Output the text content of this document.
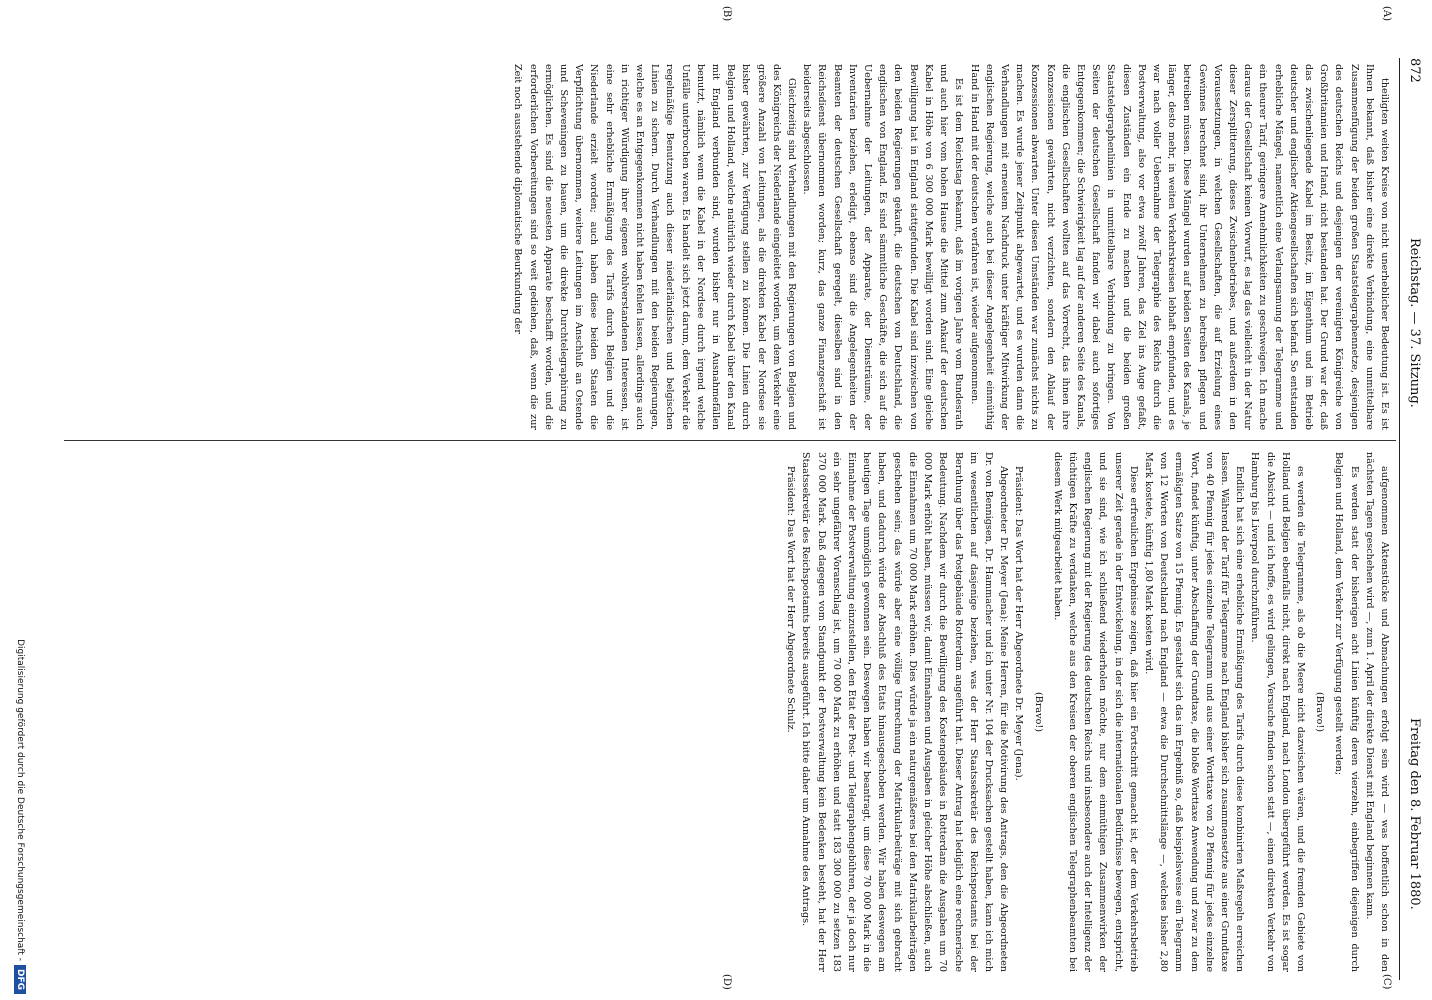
872
Reichstag. — 37. Sitzung.
Freitag den 8. Februar 1880.
(A)
(B)
(C)
(D)

theiligten weiten Kreise von nicht unerheblicher Bedeutung ist. Es ist Ihnen bekannt, daß bisher eine direkte Verbindung, eine unmittelbare Zusammenfügung der beiden großen Staatstelegraphennetze, desjenigen des deutschen Reichs und desjenigen der vereinigten Königreiche von Großbritannien und Irland, nicht bestanden hat. Der Grund war der, daß das zwischenliegende Kabel im Besitz, im Eigenthum und im Betrieb deutscher und englischer Aktiengesellschaften sich befand. So entstanden erhebliche Mängel, namentlich eine Verlangsamung der Telegramme und ein theurer Tarif, geringere Annehmlichkeiten zu geschweigen. Ich mache daraus der Gesellschaft keinen Vorwurf, es lag das vielleicht in der Natur dieser Zersplitterung, dieses Zwischenbetriebes, und außerdem in den Voraussetzungen, in welchen Gesellschaften, die auf Erzielung eines Gewinnes berechnet sind, ihr Unternehmen zu betreiben pflegen und betreiben müssen. Diese Mängel wurden auf beiden Seiten des Kanals, je länger, desto mehr, in weiten Verkehrskreisen lebhaft empfunden, und es war nach voller Uebernahme der Telegraphie des Reichs durch die Postverwaltung, also vor etwa zwölf Jahren, das Ziel ins Auge gefaßt, diesen Zuständen ein Ende zu machen und die beiden großen Staatstelegraphenlinien in unmittelbare Verbindung zu bringen. Von Seiten der deutschen Gesellschaft fanden wir dabei auch sofortiges Entgegenkommen; die Schwierigkeit lag auf der anderen Seite des Kanals, die englischen Gesellschaften wollten auf das Vorrecht, das ihnen ihre Konzessionen gewährten, nicht verzichten, sondern den Ablauf der Konzessionen abwarten. Unter diesen Umständen war zunächst nichts zu machen. Es wurde jener Zeitpunkt abgewartet, und es wurden dann die Verhandlungen mit erneutem Nachdruck unter kräftiger Mitwirkung der englischen Regierung, welche auch bei dieser Angelegenheit einmüthig Hand in Hand mit der deutschen verfahren ist, wieder aufgenommen.

Es ist dem Reichstag bekannt, daß im vorigen Jahre vom Bundesrath und auch hier vom hohen Hause die Mittel zum Ankauf der deutschen Kabel in Höhe von 6 300 000 Mark bewilligt worden sind. Eine gleiche Bewilligung hat in England stattgefunden. Die Kabel sind inzwischen von den beiden Regierungen gekauft, die deutschen von Deutschland, die englischen von England. Es sind sämmtliche Geschäfte, die sich auf die Uebernahme der Leitungen, der Apparate, der Diensträume, der Inventarien beziehen, erledigt, ebenso sind die Angelegenheiten der Beamten der deutschen Gesellschaft geregelt, dieselben sind in den Reichsdienst übernommen worden; kurz, das ganze Finanzgeschäft ist beiderseits abgeschlossen.

Gleichzeitig sind Verhandlungen mit den Regierungen von Belgien und des Königreichs der Niederlande eingeleitet worden, um dem Verkehr eine größere Anzahl von Leitungen, als die direkten Kabel der Nordsee sie bisher gewährten, zur Verfügung stellen zu können. Die Linien durch Belgien und Holland, welche natürlich wieder durch Kabel über den Kanal mit England verbunden sind, wurden bisher nur in Ausnahmefällen benutzt, nämlich wenn die Kabel in der Nordsee durch irgend welche Unfälle unterbrochen waren. Es handelt sich jetzt darum, dem Verkehr die regelmäßige Benutzung auch dieser niederländischen und belgischen Linien zu sichern. Durch Verhandlungen mit den beiden Regierungen, welche es an Entgegenkommen nicht haben fehlen lassen, allerdings auch in richtiger Würdigung ihrer eigenen wohlverstandenen Interessen, ist eine sehr erhebliche Ermäßigung des Tarifs durch Belgien und die Niederlande erzielt worden; auch haben diese beiden Staaten die Verpflichtung übernommen, weitere Leitungen im Anschluß an Ostende und Scheveningen zu bauen, um die direkte Durchtelegraphirung zu ermöglichen. Es sind die neuesten Apparate beschafft worden, und die erforderlichen Vorbereitungen sind so weit gediehen, daß, wenn die zur Zeit noch ausstehende diplomatische Beurkundung der

aufgenommen Aktenstücke und Abmachungen erfolgt sein wird — was hoffentlich schon in den nächsten Tagen geschehen wird —, zum 1. April der direkte Dienst mit England beginnen kann.

Es werden statt der bisherigen acht Linien künftig deren vierzehn, einbegriffen diejenigen durch Belgien und Holland, dem Verkehr zur Verfügung gestellt werden;

(Bravo!)

es werden die Telegramme, als ob die Meere nicht dazwischen wären, und die fremden Gebiete von Holland und Belgien ebenfalls nicht, direkt nach England, nach London übergeführt werden. Es ist sogar die Absicht — und ich hoffe, es wird gelingen, Versuche finden schon statt —, einen direkten Verkehr von Hamburg bis Liverpool durchzuführen.

Endlich hat sich eine erhebliche Ermäßigung des Tarifs durch diese kombinirten Maßregeln erreichen lassen. Während der Tarif für Telegramme nach England bisher sich zusammensetzte aus einer Grundtaxe von 40 Pfennig für jedes einzelne Telegramm und aus einer Worttaxe von 20 Pfennig für jedes einzelne Wort, findet künftig, unter Abschaffung der Grundtaxe, die bloße Worttaxe Anwendung und zwar zu dem ermäßigten Satze von 15 Pfennig. Es gestaltet sich das im Ergebniß so, daß beispielsweise ein Telegramm von 12 Worten von Deutschland nach England — etwa die Durchschnittslänge —, welches bisher 2,80 Mark kostete, künftig 1,80 Mark kosten wird.

Diese erfreulichen Ergebnisse zeigen, daß hier ein Fortschritt gemacht ist, der dem Verkehrsbetrieb unserer Zeit gerade in der Entwickelung, in der sich die internationalen Bedürfnisse bewegen, entspricht, und sie sind, wie ich schließend wiederholen möchte, nur dem einmüthigen Zusammenwirken der englischen Regierung mit der Regierung des deutschen Reichs und insbesondere auch der Intelligenz der tüchtigen Kräfte zu verdanken, welche aus den Kreisen der oberen englischen Telegraphenbeamten bei diesem Werk mitgearbeitet haben.

(Bravo!)

Präsident: Das Wort hat der Herr Abgeordnete Dr. Meyer (Jena).

Abgeordneter Dr. Meyer (Jena): Meine Herren, für die Motivirung des Antrags, den die Abgeordneten Dr. von Bennigsen, Dr. Hammacher und ich unter Nr. 104 der Drucksachen gestellt haben, kann ich mich im wesentlichen auf dasjenige beziehen, was der Herr Staatssekretär des Reichspostamts bei der Berathung über das Postgebäude Rotterdam angeführt hat. Dieser Antrag hat lediglich eine rechnerische Bedeutung. Nachdem wir durch die Bewilligung des Kostengebäudes in Rotterdam die Ausgaben um 70 000 Mark erhöht haben, müssen wir, damit Einnahmen und Ausgaben in gleicher Höhe abschließen, auch die Einnahmen um 70 000 Mark erhöhen. Dies würde ja ein naturgemäßeres bei den Matrikularbeiträgen geschehen sein; das würde aber eine völlige Umrechnung der Matrikularbeiträge mit sich gebracht haben, und dadurch würde der Abschluß des Etats hinausgeschoben werden. Wir haben deswegen am heutigen Tage unmöglich gewonnen sein. Deswegen haben wir beantragt, um diese 70 000 Mark in die Einnahme der Postverwaltung einzustellen, den Etat der Post- und Telegraphengebühren, der ja doch nur ein sehr ungefährer Voranschlag ist, um 70 000 Mark zu erhöhen und statt 183 300 000 zu setzen 183 370 000 Mark. Daß dagegen vom Standpunkt der Postverwaltung kein Bedenken besteht, hat der Herr Staatssekretär des Reichspostamts bereits ausgeführt. Ich bitte daher um Annahme des Antrags.

Präsident: Das Wort hat der Herr Abgeordnete Schulz.

Digitalisierung gefördert durch die Deutsche Forschungsgemeinschaft -DFG
